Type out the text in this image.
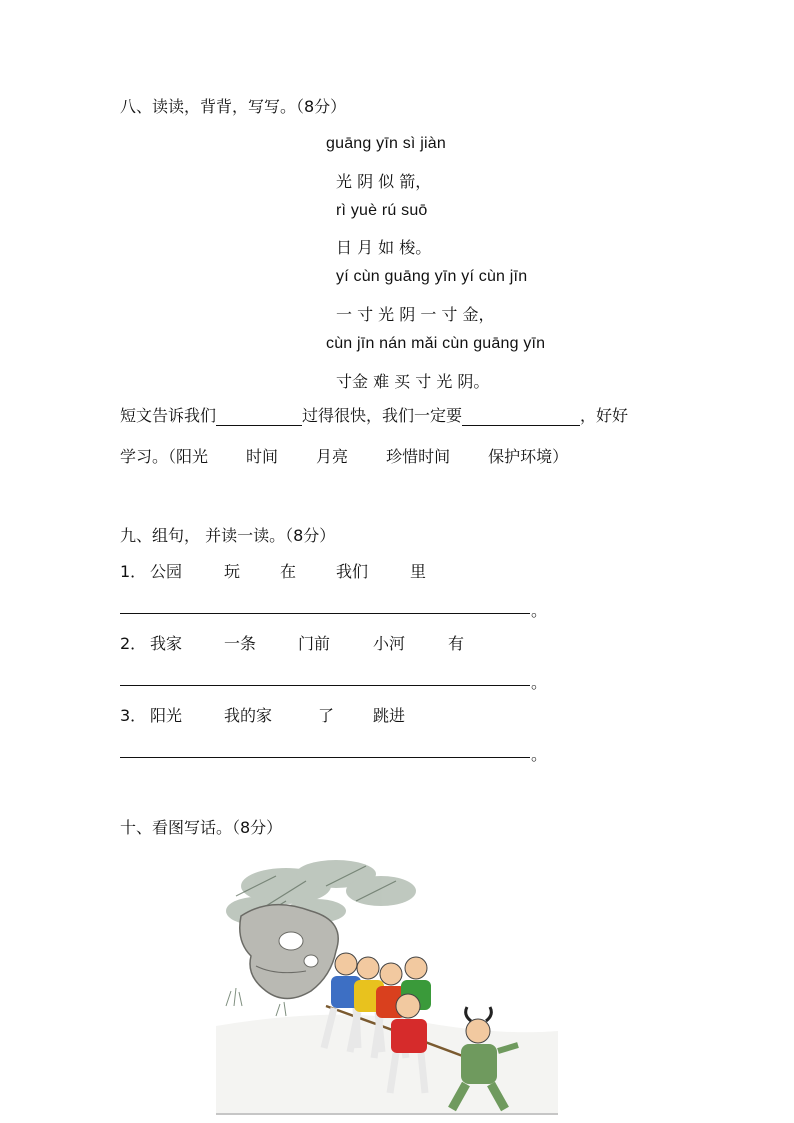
八、读读，背背，写写。（8分）
guāng yīn sì jiàn
光 阴 似 箭，
rì yuè rú suō
日 月 如 梭。
yí cùn guāng yīn yí cùn jīn
一 寸 光 阴 一 寸 金，
cùn jīn nán mǎi cùn guāng yīn
寸金 难 买 寸 光 阴。
短文告诉我们	过得很快，我们一定要	，好好
学习。（阳光 时间 月亮 珍惜时间 保护环境）
九、组句， 并读一读。（8分）
1． 公园	玩 在 我们	里
。
2． 我家	一条	门前	小河	有
。
3． 阳光	我的家	了 跳进
。
十、看图写话。（8分）
